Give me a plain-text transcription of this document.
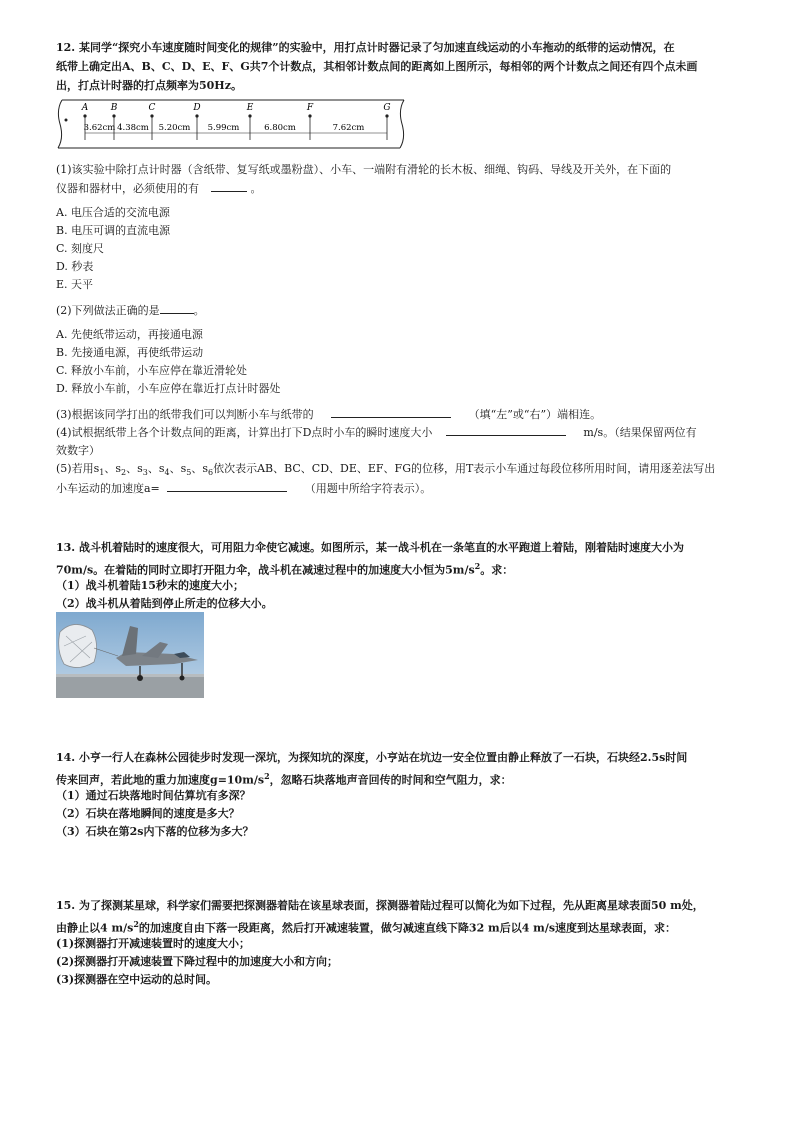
12. 某同学“探究小车速度随时间变化的规律”的实验中，用打点计时器记录了匀加速直线运动的小车拖动的纸带的运动情况，在

纸带上确定出A、B、C、D、E、F、G共7个计数点，其相邻计数点间的距离如上图所示，每相邻的两个计数点之间还有四个点未画

出，打点计时器的打点频率为50Hz。

A B	C	D	E	F	G
3.62cm 4.38cm 5.20cm 5.99cm	6.80cm	7.62cm

(1)该实验中除打点计时器（含纸带、复写纸或墨粉盘）、小车、一端附有滑轮的长木板、细绳、钩码、导线及开关外，在下面的

仪器和器材中，必须使用的有	。

A. 电压合适的交流电源

B. 电压可调的直流电源

C. 刻度尺

D. 秒表

E. 天平

(2)下列做法正确的是	。

A. 先使纸带运动，再接通电源

B. 先接通电源，再使纸带运动

C. 释放小车前，小车应停在靠近滑轮处

D. 释放小车前，小车应停在靠近打点计时器处

(3)根据该同学打出的纸带我们可以判断小车与纸带的	（填“左”或“右”）端相连。

(4)试根据纸带上各个计数点间的距离，计算出打下D点时小车的瞬时速度大小	m/s。（结果保留两位有

效数字）

(5)若用$s_1$、$s_2$、$s_3$、$s_4$、$s_5$、$s_6$依次表示AB、BC、CD、DE、EF、FG的位移，用T表示小车通过每段位移所用时间，请用逐差法写出

小车运动的加速度a=	（用题中所给字符表示）。

13. 战斗机着陆时的速度很大，可用阻力伞使它减速。如图所示，某一战斗机在一条笔直的水平跑道上着陆，刚着陆时速度大小为

70m/s。在着陆的同时立即打开阻力伞，战斗机在减速过程中的加速度大小恒为$5m/s^2$。求：

（1）战斗机着陆15秒末的速度大小；

（2）战斗机从着陆到停止所走的位移大小。

14. 小亨一行人在森林公园徒步时发现一深坑，为探知坑的深度，小亨站在坑边一安全位置由静止释放了一石块，石块经2.5s时间

传来回声，若此地的重力加速度$g=10m/s^2$，忽略石块落地声音回传的时间和空气阻力，求：

（1）通过石块落地时间估算坑有多深？

（2）石块在落地瞬间的速度是多大？

（3）石块在第2s内下落的位移为多大？

15. 为了探测某星球，科学家们需要把探测器着陆在该星球表面，探测器着陆过程可以简化为如下过程，先从距离星球表面50 m处，

由静止以4 $m/s^2$的加速度自由下落一段距离，然后打开减速装置，做匀减速直线下降32 m后以4 m/s速度到达星球表面，求：

(1)探测器打开减速装置时的速度大小；

(2)探测器打开减速装置下降过程中的加速度大小和方向；

(3)探测器在空中运动的总时间。
